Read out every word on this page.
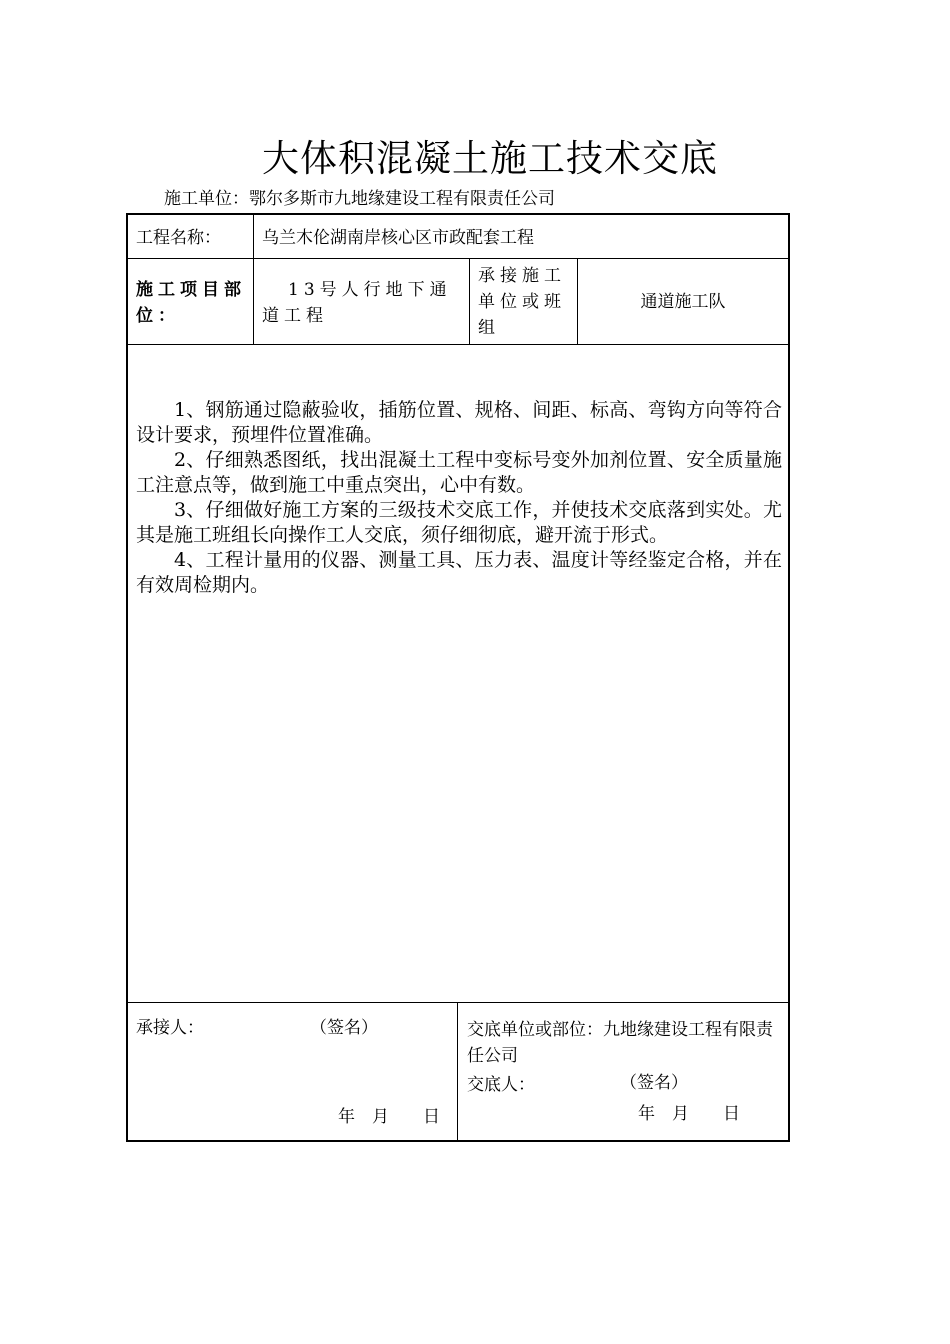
大体积混凝土施工技术交底
施工单位：鄂尔多斯市九地缘建设工程有限责任公司
工程名称： 乌兰木伦湖南岸核心区市政配套工程
施工项目部位：
13号人行地下通道工程
承接施工单位或班组
通道施工队

1、钢筋通过隐蔽验收，插筋位置、规格、间距、标高、弯钩方向等符合设计要求，预埋件位置准确。

2、仔细熟悉图纸，找出混凝土工程中变标号变外加剂位置、安全质量施工注意点等，做到施工中重点突出，心中有数。

3、仔细做好施工方案的三级技术交底工作，并使技术交底落到实处。尤其是施工班组长向操作工人交底，须仔细彻底，避开流于形式。

4、工程计量用的仪器、测量工具、压力表、温度计等经鉴定合格，并在有效周检期内。

承接人：	（签名）
年　月　　日
交底单位或部位：九地缘建设工程有限责任公司
交底人：	（签名）
年　月　　日
